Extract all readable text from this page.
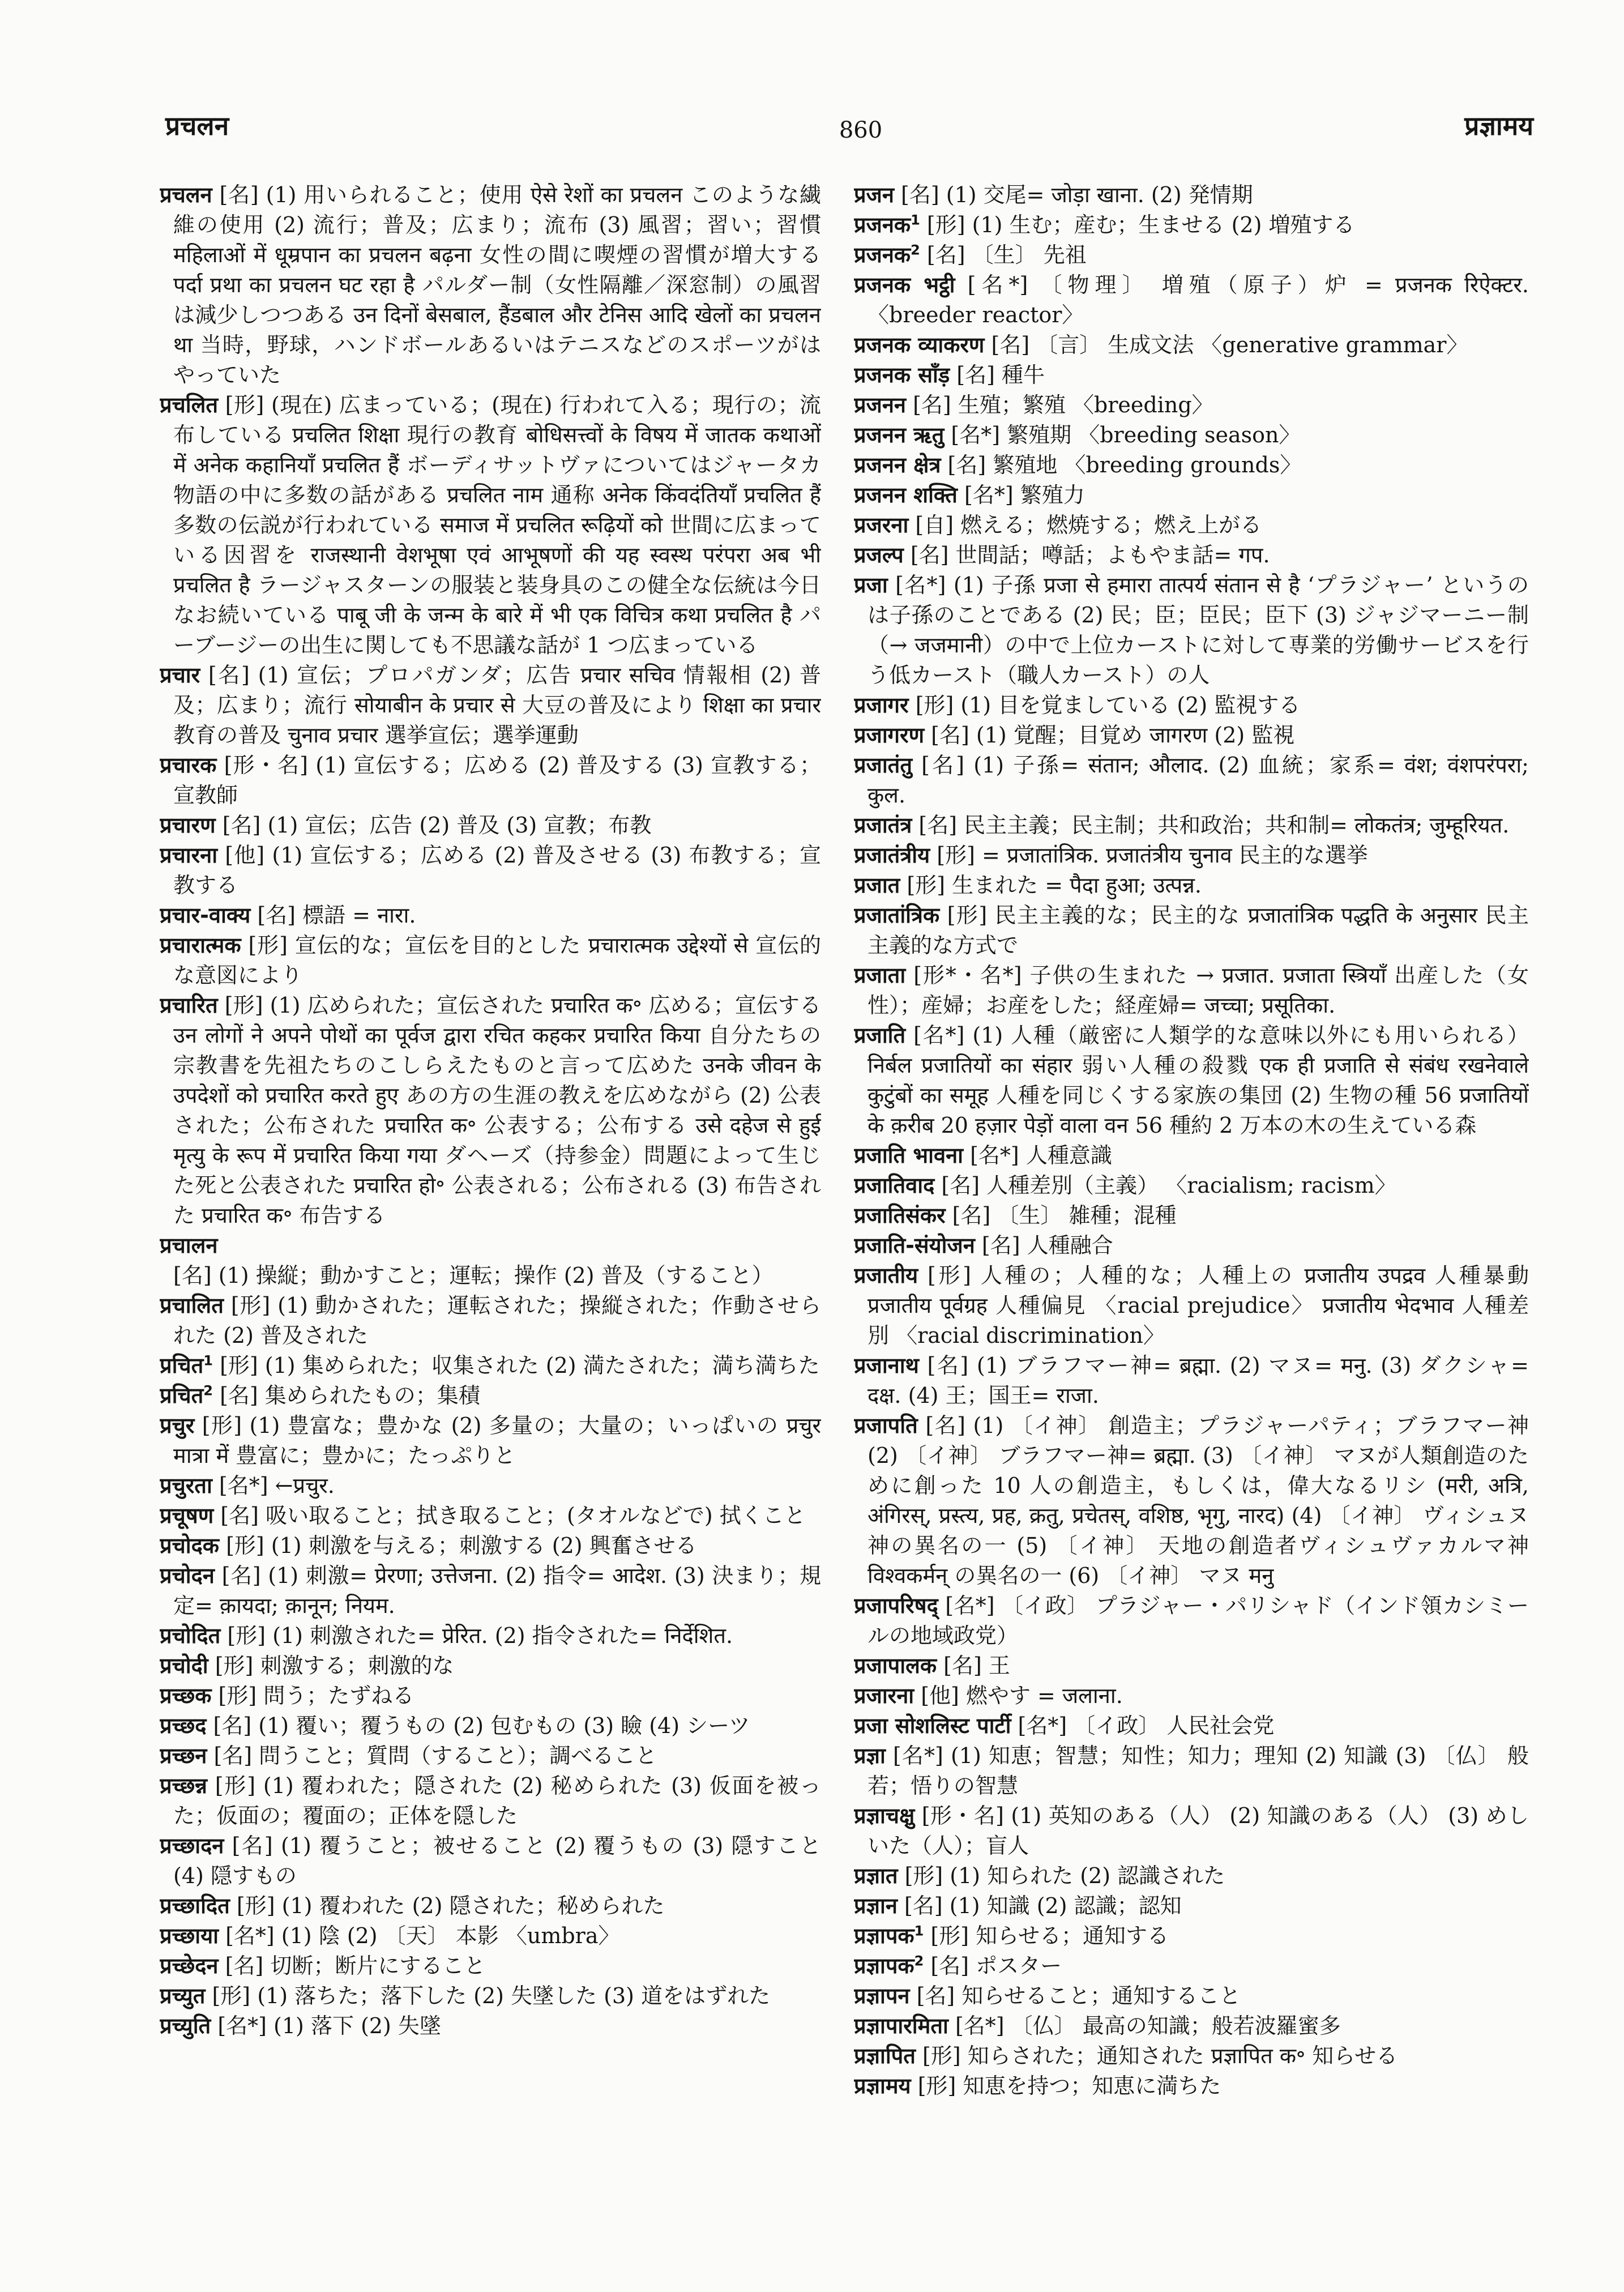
प्रचलन	860	प्रज्ञामय
प्रचलन [名] (1) 用いられること；使用 ऐसे रेशों का प्रचलन このような繊維の使用 (2) 流行；普及；広まり；流布 (3) 風習；習い；習慣 महिलाओं में धूम्रपान का प्रचलन बढ़ना 女性の間に喫煙の習慣が増大する पर्दा प्रथा का प्रचलन घट रहा है パルダー制（女性隔離／深窓制）の風習は減少しつつある उन दिनों बेसबाल, हैंडबाल और टेनिस आदि खेलों का प्रचलन था 当時，野球，ハンドボールあるいはテニスなどのスポーツがはやっていた
प्रचलित [形] (現在) 広まっている；(現在) 行われて入る；現行の；流布している प्रचलित शिक्षा 現行の教育 बोधिसत्त्वों के विषय में जातक कथाओं में अनेक कहानियाँ प्रचलित हैं ボーディサットヴァについてはジャータカ物語の中に多数の話がある प्रचलित नाम 通称 अनेक किंवदंतियाँ प्रचलित हैं 多数の伝説が行われている समाज में प्रचलित रूढ़ियों को 世間に広まっている因習を राजस्थानी वेशभूषा एवं आभूषणों की यह स्वस्थ परंपरा अब भी प्रचलित है ラージャスターンの服装と装身具のこの健全な伝統は今日なお続いている पाबू जी के जन्म के बारे में भी एक विचित्र कथा प्रचलित है パーブージーの出生に関しても不思議な話が 1 つ広まっている
प्रचार [名] (1) 宣伝；プロパガンダ；広告 प्रचार सचिव 情報相 (2) 普及；広まり；流行 सोयाबीन के प्रचार से 大豆の普及により शिक्षा का प्रचार 教育の普及 चुनाव प्रचार 選挙宣伝；選挙運動
प्रचारक [形・名] (1) 宣伝する；広める (2) 普及する (3) 宣教する；宣教師
प्रचारण [名] (1) 宣伝；広告 (2) 普及 (3) 宣教；布教
प्रचारना [他] (1) 宣伝する；広める (2) 普及させる (3) 布教する；宣教する
प्रचार-वाक्य [名] 標語 = नारा.
प्रचारात्मक [形] 宣伝的な；宣伝を目的とした प्रचारात्मक उद्देश्यों से 宣伝的な意図により
प्रचारित [形] (1) 広められた；宣伝された प्रचारित क॰ 広める；宣伝する उन लोगों ने अपने पोथों का पूर्वज द्वारा रचित कहकर प्रचारित किया 自分たちの宗教書を先祖たちのこしらえたものと言って広めた उनके जीवन के उपदेशों को प्रचारित करते हुए あの方の生涯の教えを広めながら (2) 公表された；公布された प्रचारित क॰ 公表する；公布する उसे दहेज से हुई मृत्यु के रूप में प्रचारित किया गया ダヘーズ（持参金）問題によって生じた死と公表された प्रचारित हो॰ 公表される；公布される (3) 布告された प्रचारित क॰ 布告する
प्रचालन [名] (1) 操縦；動かすこと；運転；操作 (2) 普及（すること）
प्रचालित [形] (1) 動かされた；運転された；操縦された；作動させられた (2) 普及された
प्रचित$^1$ [形] (1) 集められた；収集された (2) 満たされた；満ち満ちた
प्रचित$^2$ [名] 集められたもの；集積
प्रचुर [形] (1) 豊富な；豊かな (2) 多量の；大量の；いっぱいの प्रचुर मात्रा में 豊富に；豊かに；たっぷりと
प्रचुरता [名*] ←प्रचुर.
प्रचूषण [名] 吸い取ること；拭き取ること；(タオルなどで) 拭くこと
प्रचोदक [形] (1) 刺激を与える；刺激する (2) 興奮させる
प्रचोदन [名] (1) 刺激= प्रेरणा; उत्तेजना. (2) 指令= आदेश. (3) 決まり；規定= क़ायदा; क़ानून; नियम.
प्रचोदित [形] (1) 刺激された= प्रेरित. (2) 指令された= निर्देशित.
प्रचोदी [形] 刺激する；刺激的な
प्रच्छक [形] 問う；たずねる
प्रच्छद [名] (1) 覆い；覆うもの (2) 包むもの (3) 瞼 (4) シーツ
प्रच्छन [名] 問うこと；質問（すること）；調べること
प्रच्छन्न [形] (1) 覆われた；隠された (2) 秘められた (3) 仮面を被った；仮面の；覆面の；正体を隠した
प्रच्छादन [名] (1) 覆うこと；被せること (2) 覆うもの (3) 隠すこと (4) 隠すもの
प्रच्छादित [形] (1) 覆われた (2) 隠された；秘められた
प्रच्छाया [名*] (1) 陰 (2) 〔天〕 本影 〈umbra〉
प्रच्छेदन [名] 切断；断片にすること
प्रच्युत [形] (1) 落ちた；落下した (2) 失墜した (3) 道をはずれた
प्रच्युति [名*] (1) 落下 (2) 失墜
प्रजन [名] (1) 交尾= जोड़ा खाना. (2) 発情期
प्रजनक$^1$ [形] (1) 生む；産む；生ませる (2) 増殖する
प्रजनक$^2$ [名] 〔生〕 先祖
प्रजनक भट्ठी [名*] 〔物理〕 増殖（原子）炉 = प्रजनक रिऐक्टर. 〈breeder reactor〉
प्रजनक व्याकरण [名] 〔言〕 生成文法 〈generative grammar〉
प्रजनक साँड़ [名] 種牛
प्रजनन [名] 生殖；繁殖 〈breeding〉
प्रजनन ऋतु [名*] 繁殖期 〈breeding season〉
प्रजनन क्षेत्र [名] 繁殖地 〈breeding grounds〉
प्रजनन शक्ति [名*] 繁殖力
प्रजरना [自] 燃える；燃焼する；燃え上がる
प्रजल्प [名] 世間話；噂話；よもやま話= गप.
प्रजा [名*] (1) 子孫 प्रजा से हमारा तात्पर्य संतान से है ‘プラジャー’ というのは子孫のことである (2) 民；臣；臣民；臣下 (3) ジャジマーニー制（→ जजमानी）の中で上位カーストに対して専業的労働サービスを行う低カースト（職人カースト）の人
प्रजागर [形] (1) 目を覚ましている (2) 監視する
प्रजागरण [名] (1) 覚醒；目覚め जागरण (2) 監視
प्रजातंतु [名] (1) 子孫= संतान; औलाद. (2) 血統；家系= वंश; वंशपरंपरा; कुल.
प्रजातंत्र [名] 民主主義；民主制；共和政治；共和制= लोकतंत्र; जुम्हूरियत.
प्रजातंत्रीय [形] = प्रजातांत्रिक. प्रजातंत्रीय चुनाव 民主的な選挙
प्रजात [形] 生まれた = पैदा हुआ; उत्पन्न.
प्रजातांत्रिक [形] 民主主義的な；民主的な प्रजातांत्रिक पद्धति के अनुसार 民主主義的な方式で
प्रजाता [形*・名*] 子供の生まれた → प्रजात. प्रजाता स्त्रियाँ 出産した（女性）；産婦；お産をした；経産婦= जच्चा; प्रसूतिका.
प्रजाति [名*] (1) 人種（厳密に人類学的な意味以外にも用いられる） निर्बल प्रजातियों का संहार 弱い人種の殺戮 एक ही प्रजाति से संबंध रखनेवाले कुटुंबों का समूह 人種を同じくする家族の集団 (2) 生物の種 56 प्रजातियों के क़रीब 20 हज़ार पेड़ों वाला वन 56 種約 2 万本の木の生えている森
प्रजाति भावना [名*] 人種意識
प्रजातिवाद [名] 人種差別（主義） 〈racialism; racism〉
प्रजातिसंकर [名] 〔生〕 雑種；混種
प्रजाति-संयोजन [名] 人種融合
प्रजातीय [形] 人種の；人種的な；人種上の प्रजातीय उपद्रव 人種暴動 प्रजातीय पूर्वग्रह 人種偏見 〈racial prejudice〉 प्रजातीय भेदभाव 人種差別 〈racial discrimination〉
प्रजानाथ [名] (1) ブラフマー神= ब्रह्मा. (2) マヌ= मनु. (3) ダクシャ= दक्ष. (4) 王；国王= राजा.
प्रजापति [名] (1) 〔イ神〕 創造主；プラジャーパティ；ブラフマー神 (2) 〔イ神〕 ブラフマー神= ब्रह्मा. (3) 〔イ神〕 マヌが人類創造のために創った 10 人の創造主，もしくは，偉大なるリシ (मरी, अत्रि, अंगिरस्, प्रस्त्य, प्रह, क्रतु, प्रचेतस्, वशिष्ठ, भृगु, नारद) (4) 〔イ神〕 ヴィシュヌ神の異名の一 (5) 〔イ神〕 天地の創造者ヴィシュヴァカルマ神 विश्वकर्मन् の異名の一 (6) 〔イ神〕 マヌ मनु
प्रजापरिषद् [名*] 〔イ政〕 プラジャー・パリシャド（インド領カシミールの地域政党）
प्रजापालक [名] 王
प्रजारना [他] 燃やす = जलाना.
प्रजा सोशलिस्ट पार्टी [名*] 〔イ政〕 人民社会党
प्रज्ञा [名*] (1) 知恵；智慧；知性；知力；理知 (2) 知識 (3) 〔仏〕 般若；悟りの智慧
प्रज्ञाचक्षु [形・名] (1) 英知のある（人） (2) 知識のある（人） (3) めしいた（人）；盲人
प्रज्ञात [形] (1) 知られた (2) 認識された
प्रज्ञान [名] (1) 知識 (2) 認識；認知
प्रज्ञापक$^1$ [形] 知らせる；通知する
प्रज्ञापक$^2$ [名] ポスター
प्रज्ञापन [名] 知らせること；通知すること
प्रज्ञापारमिता [名*] 〔仏〕 最高の知識；般若波羅蜜多
प्रज्ञापित [形] 知らされた；通知された प्रज्ञापित क॰ 知らせる
प्रज्ञामय [形] 知恵を持つ；知恵に満ちた
